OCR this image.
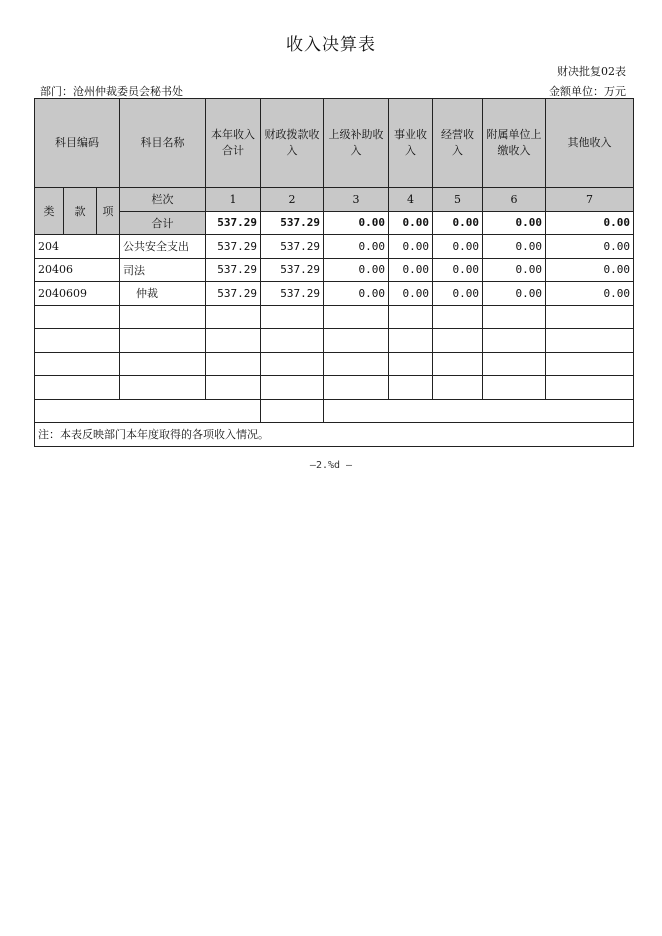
收入决算表
财决批复02表
部门：沧州仲裁委员会秘书处	金额单位：万元
科目编码			科目名称	本年收入合计	财政拨款收入	上级补助收入	事业收入	经营收入	附属单位上缴收入	其他收入
类	款	项	栏次	1	2	3	4	5	6	7
			合计	537.29	537.29	0.00	0.00	0.00	0.00	0.00
204			公共安全支出	537.29	537.29	0.00	0.00	0.00	0.00	0.00
20406			司法	537.29	537.29	0.00	0.00	0.00	0.00	0.00
2040609			仲裁	537.29	537.29	0.00	0.00	0.00	0.00	0.00

注：本表反映部门本年度取得的各项收入情况。										
—2.%d —
